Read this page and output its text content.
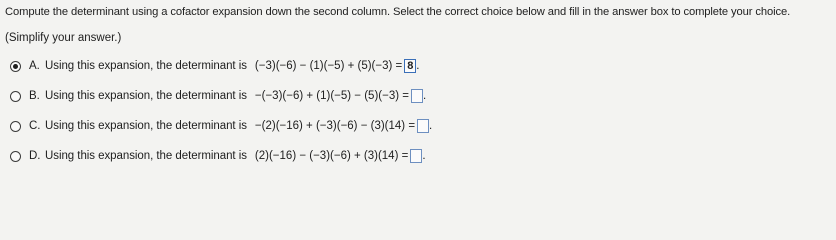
Compute the determinant using a cofactor expansion down the second column. Select the correct choice below and fill in the answer box to complete your choice.
(Simplify your answer.)
A. Using this expansion, the determinant is (−3)(−6) − (1)(−5) + (5)(−3) = 8 .
B. Using this expansion, the determinant is −(−3)(−6) + (1)(−5) − (5)(−3) = .
C. Using this expansion, the determinant is −(2)(−16) + (−3)(−6) − (3)(14) = .
D. Using this expansion, the determinant is (2)(−16) − (−3)(−6) + (3)(14) = .
